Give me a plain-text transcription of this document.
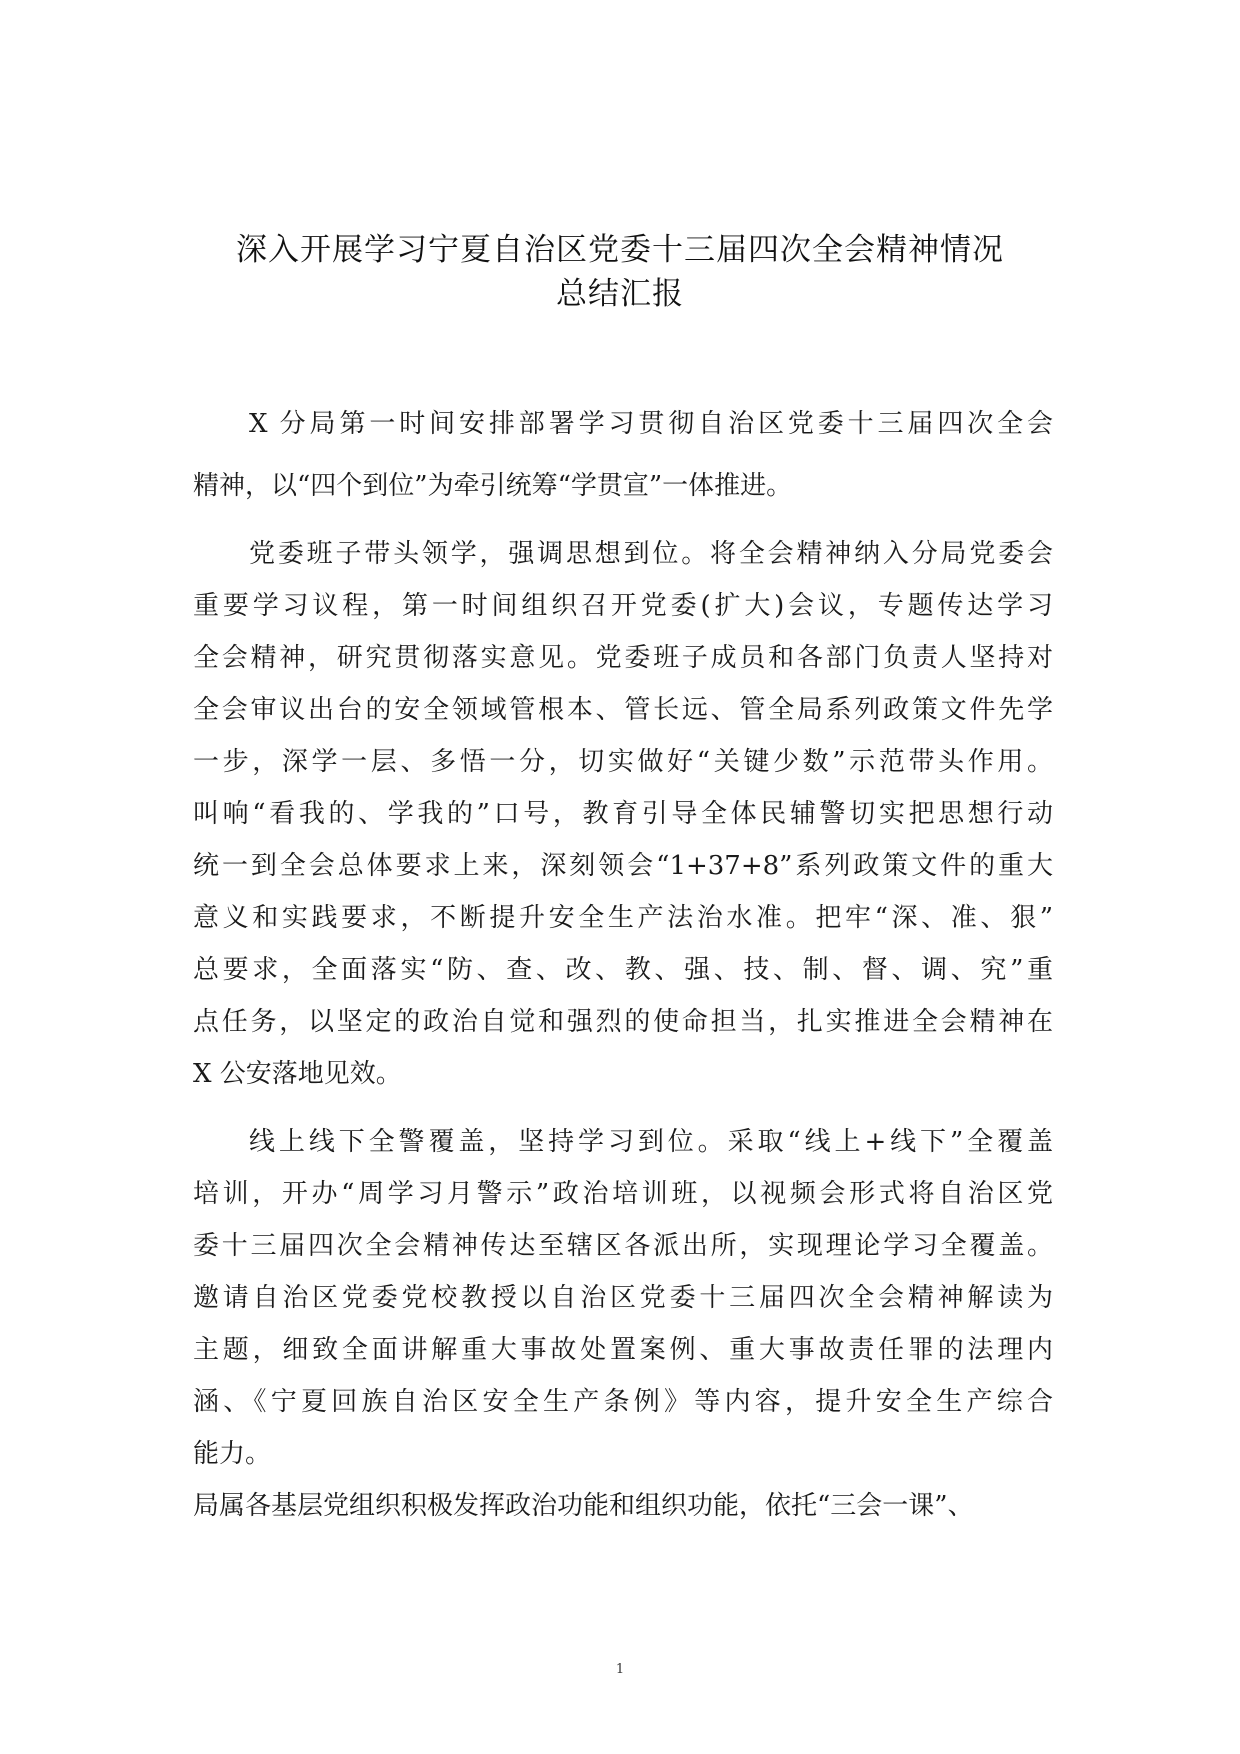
深入开展学习宁夏自治区党委十三届四次全会精神情况
总结汇报
X 分局第一时间安排部署学习贯彻自治区党委十三届四次全会
精神，以“四个到位”为牵引统筹“学贯宣”一体推进。
党委班子带头领学，强调思想到位。将全会精神纳入分局党委会
重要学习议程，第一时间组织召开党委(扩大)会议，专题传达学习
全会精神，研究贯彻落实意见。党委班子成员和各部门负责人坚持对
全会审议出台的安全领域管根本、管长远、管全局系列政策文件先学
一步，深学一层、多悟一分，切实做好“关键少数”示范带头作用。
叫响“看我的、学我的”口号，教育引导全体民辅警切实把思想行动
统一到全会总体要求上来，深刻领会“1+37+8”系列政策文件的重大
意义和实践要求，不断提升安全生产法治水准。把牢“深、准、狠”
总要求，全面落实“防、查、改、教、强、技、制、督、调、究”重
点任务，以坚定的政治自觉和强烈的使命担当，扎实推进全会精神在
X 公安落地见效。
线上线下全警覆盖，坚持学习到位。采取“线上+线下”全覆盖
培训，开办“周学习月警示”政治培训班，以视频会形式将自治区党
委十三届四次全会精神传达至辖区各派出所，实现理论学习全覆盖。
邀请自治区党委党校教授以自治区党委十三届四次全会精神解读为
主题，细致全面讲解重大事故处置案例、重大事故责任罪的法理内
涵、《宁夏回族自治区安全生产条例》等内容，提升安全生产综合
能力。
局属各基层党组织积极发挥政治功能和组织功能，依托“三会一课”、
1
